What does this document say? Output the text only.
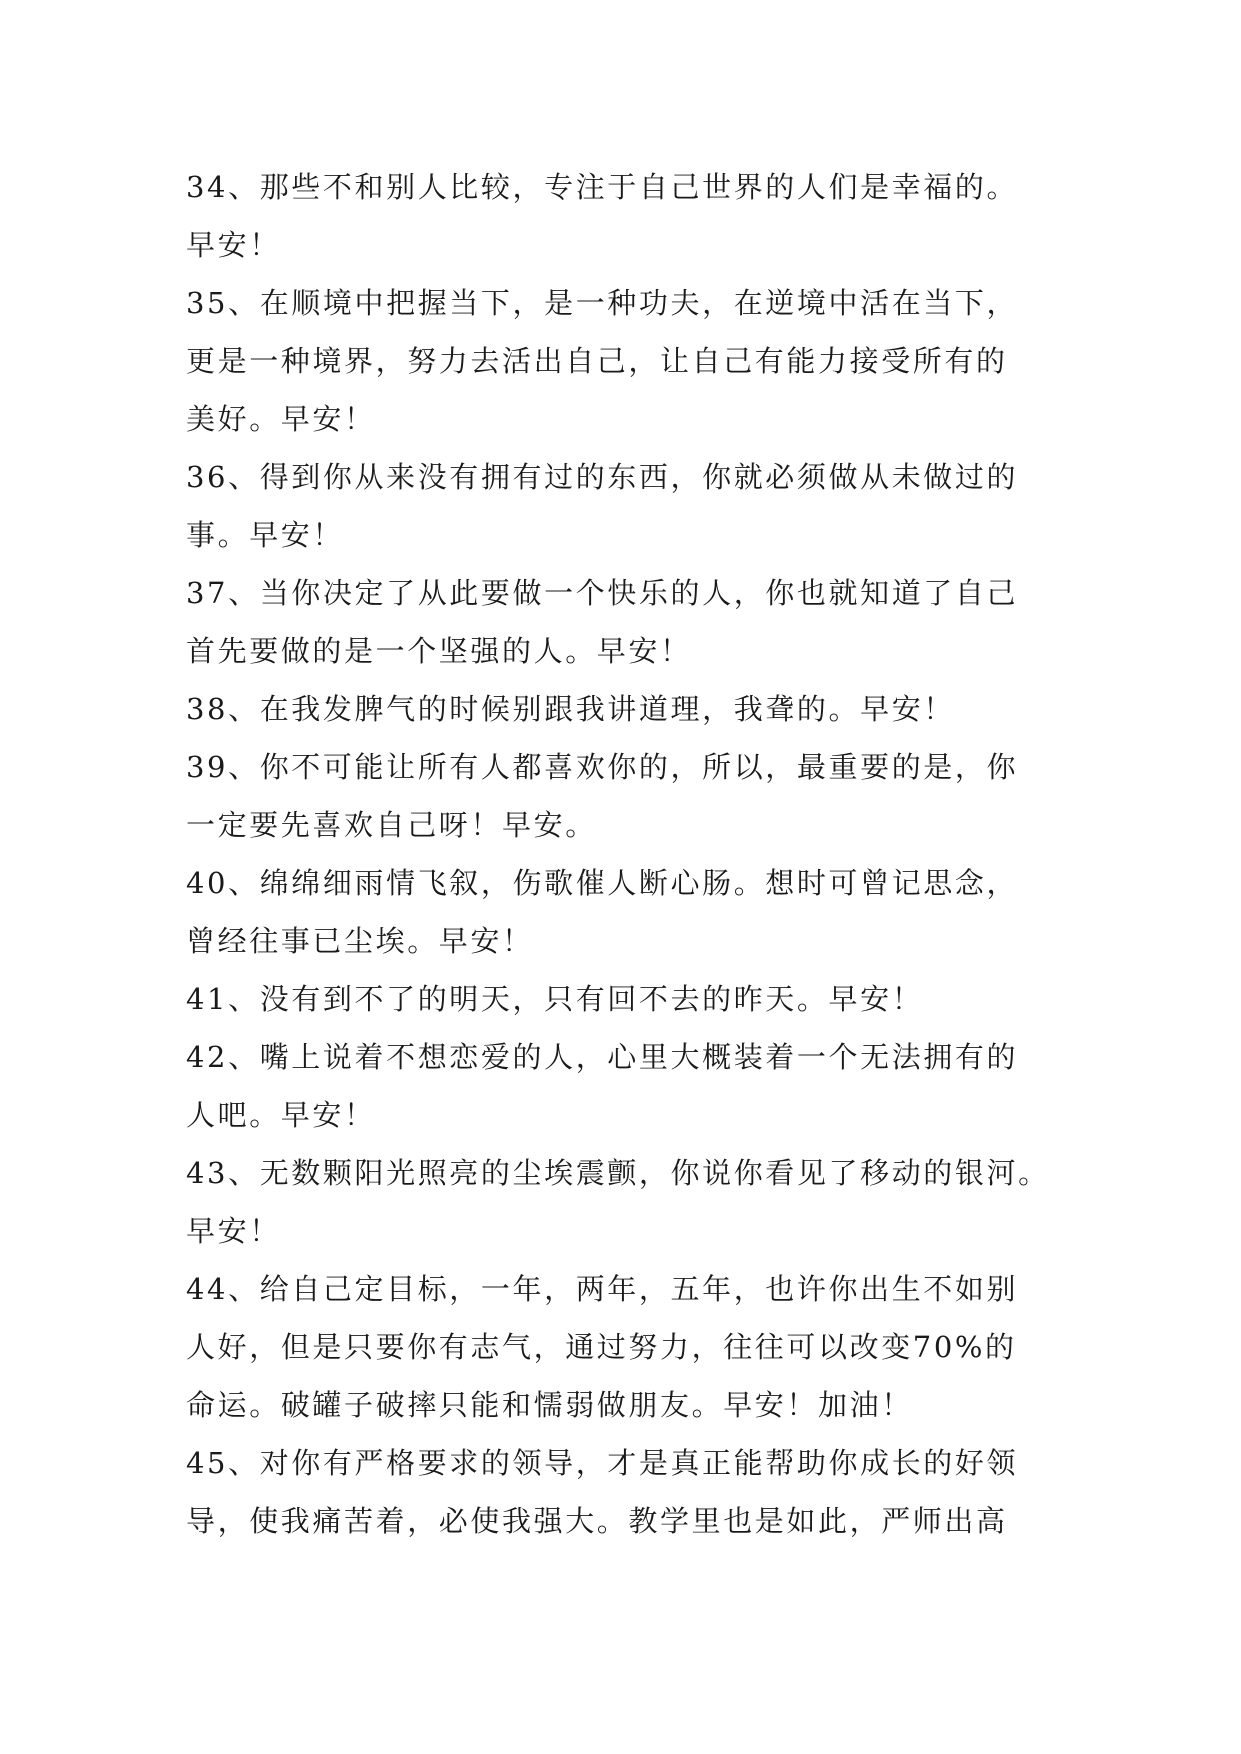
34、那些不和别人比较，专注于自己世界的人们是幸福的。
早安！
35、在顺境中把握当下，是一种功夫，在逆境中活在当下，
更是一种境界，努力去活出自己，让自己有能力接受所有的
美好。早安！
36、得到你从来没有拥有过的东西，你就必须做从未做过的
事。早安！
37、当你决定了从此要做一个快乐的人，你也就知道了自己
首先要做的是一个坚强的人。早安！
38、在我发脾气的时候别跟我讲道理，我聋的。早安！
39、你不可能让所有人都喜欢你的，所以，最重要的是，你
一定要先喜欢自己呀！早安。
40、绵绵细雨情飞叙，伤歌催人断心肠。想时可曾记思念，
曾经往事已尘埃。早安！
41、没有到不了的明天，只有回不去的昨天。早安！
42、嘴上说着不想恋爱的人，心里大概装着一个无法拥有的
人吧。早安！
43、无数颗阳光照亮的尘埃震颤，你说你看见了移动的银河。
早安！
44、给自己定目标，一年，两年，五年，也许你出生不如别
人好，但是只要你有志气，通过努力，往往可以改变70%的
命运。破罐子破摔只能和懦弱做朋友。早安！加油！
45、对你有严格要求的领导，才是真正能帮助你成长的好领
导，使我痛苦着，必使我强大。教学里也是如此，严师出高
